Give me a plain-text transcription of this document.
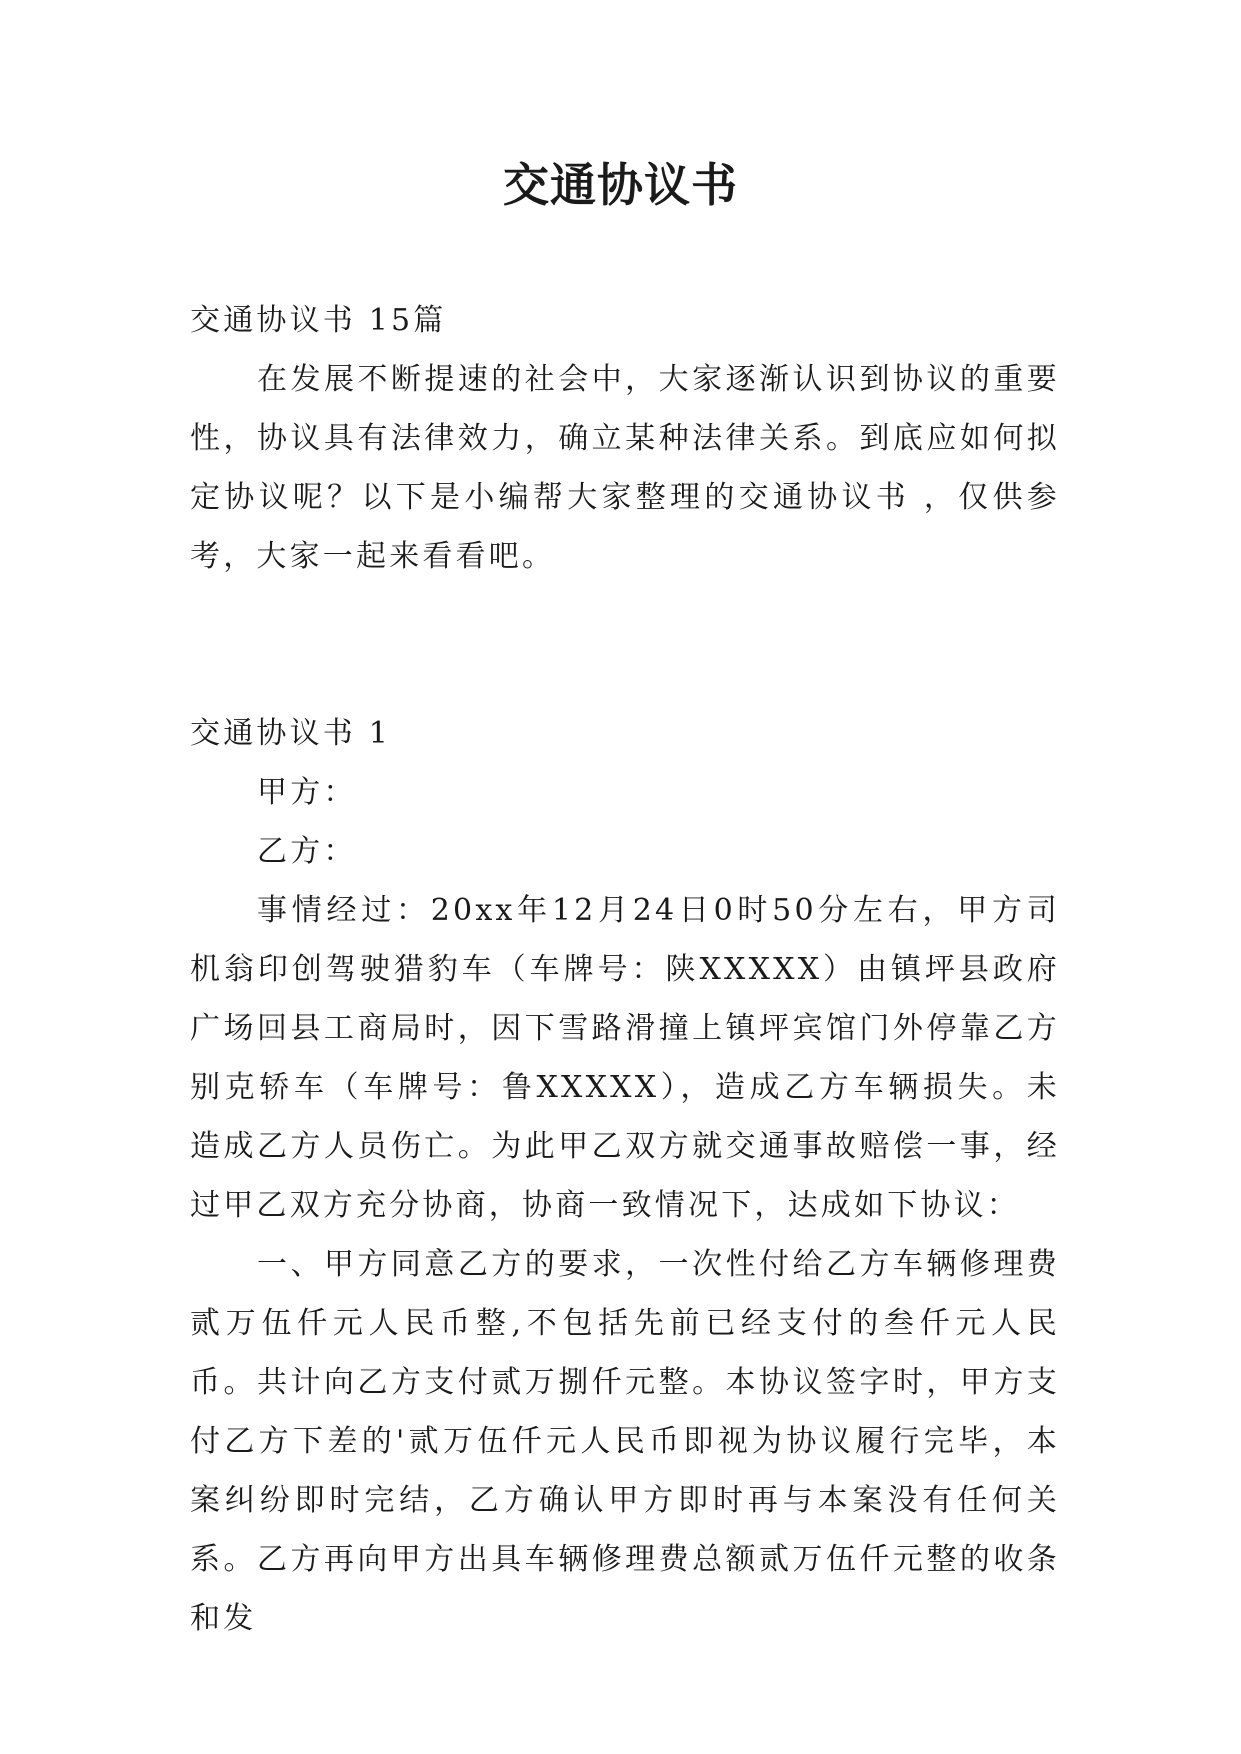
交通协议书

交通协议书 15篇

在发展不断提速的社会中，大家逐渐认识到协议的重要性，协议具有法律效力，确立某种法律关系。到底应如何拟定协议呢？以下是小编帮大家整理的交通协议书 ，仅供参考，大家一起来看看吧。

交通协议书 1

甲方：

乙方：

事情经过：20xx年12月24日0时50分左右，甲方司机翁印创驾驶猎豹车（车牌号：陕XXXXX）由镇坪县政府广场回县工商局时，因下雪路滑撞上镇坪宾馆门外停靠乙方别克轿车（车牌号：鲁XXXXX），造成乙方车辆损失。未造成乙方人员伤亡。为此甲乙双方就交通事故赔偿一事，经过甲乙双方充分协商，协商一致情况下，达成如下协议：

一、甲方同意乙方的要求，一次性付给乙方车辆修理费贰万伍仟元人民币整,不包括先前已经支付的叁仟元人民币。共计向乙方支付贰万捌仟元整。本协议签字时，甲方支付乙方下差的'贰万伍仟元人民币即视为协议履行完毕，本案纠纷即时完结，乙方确认甲方即时再与本案没有任何关系。乙方再向甲方出具车辆修理费总额贰万伍仟元整的收条和发
